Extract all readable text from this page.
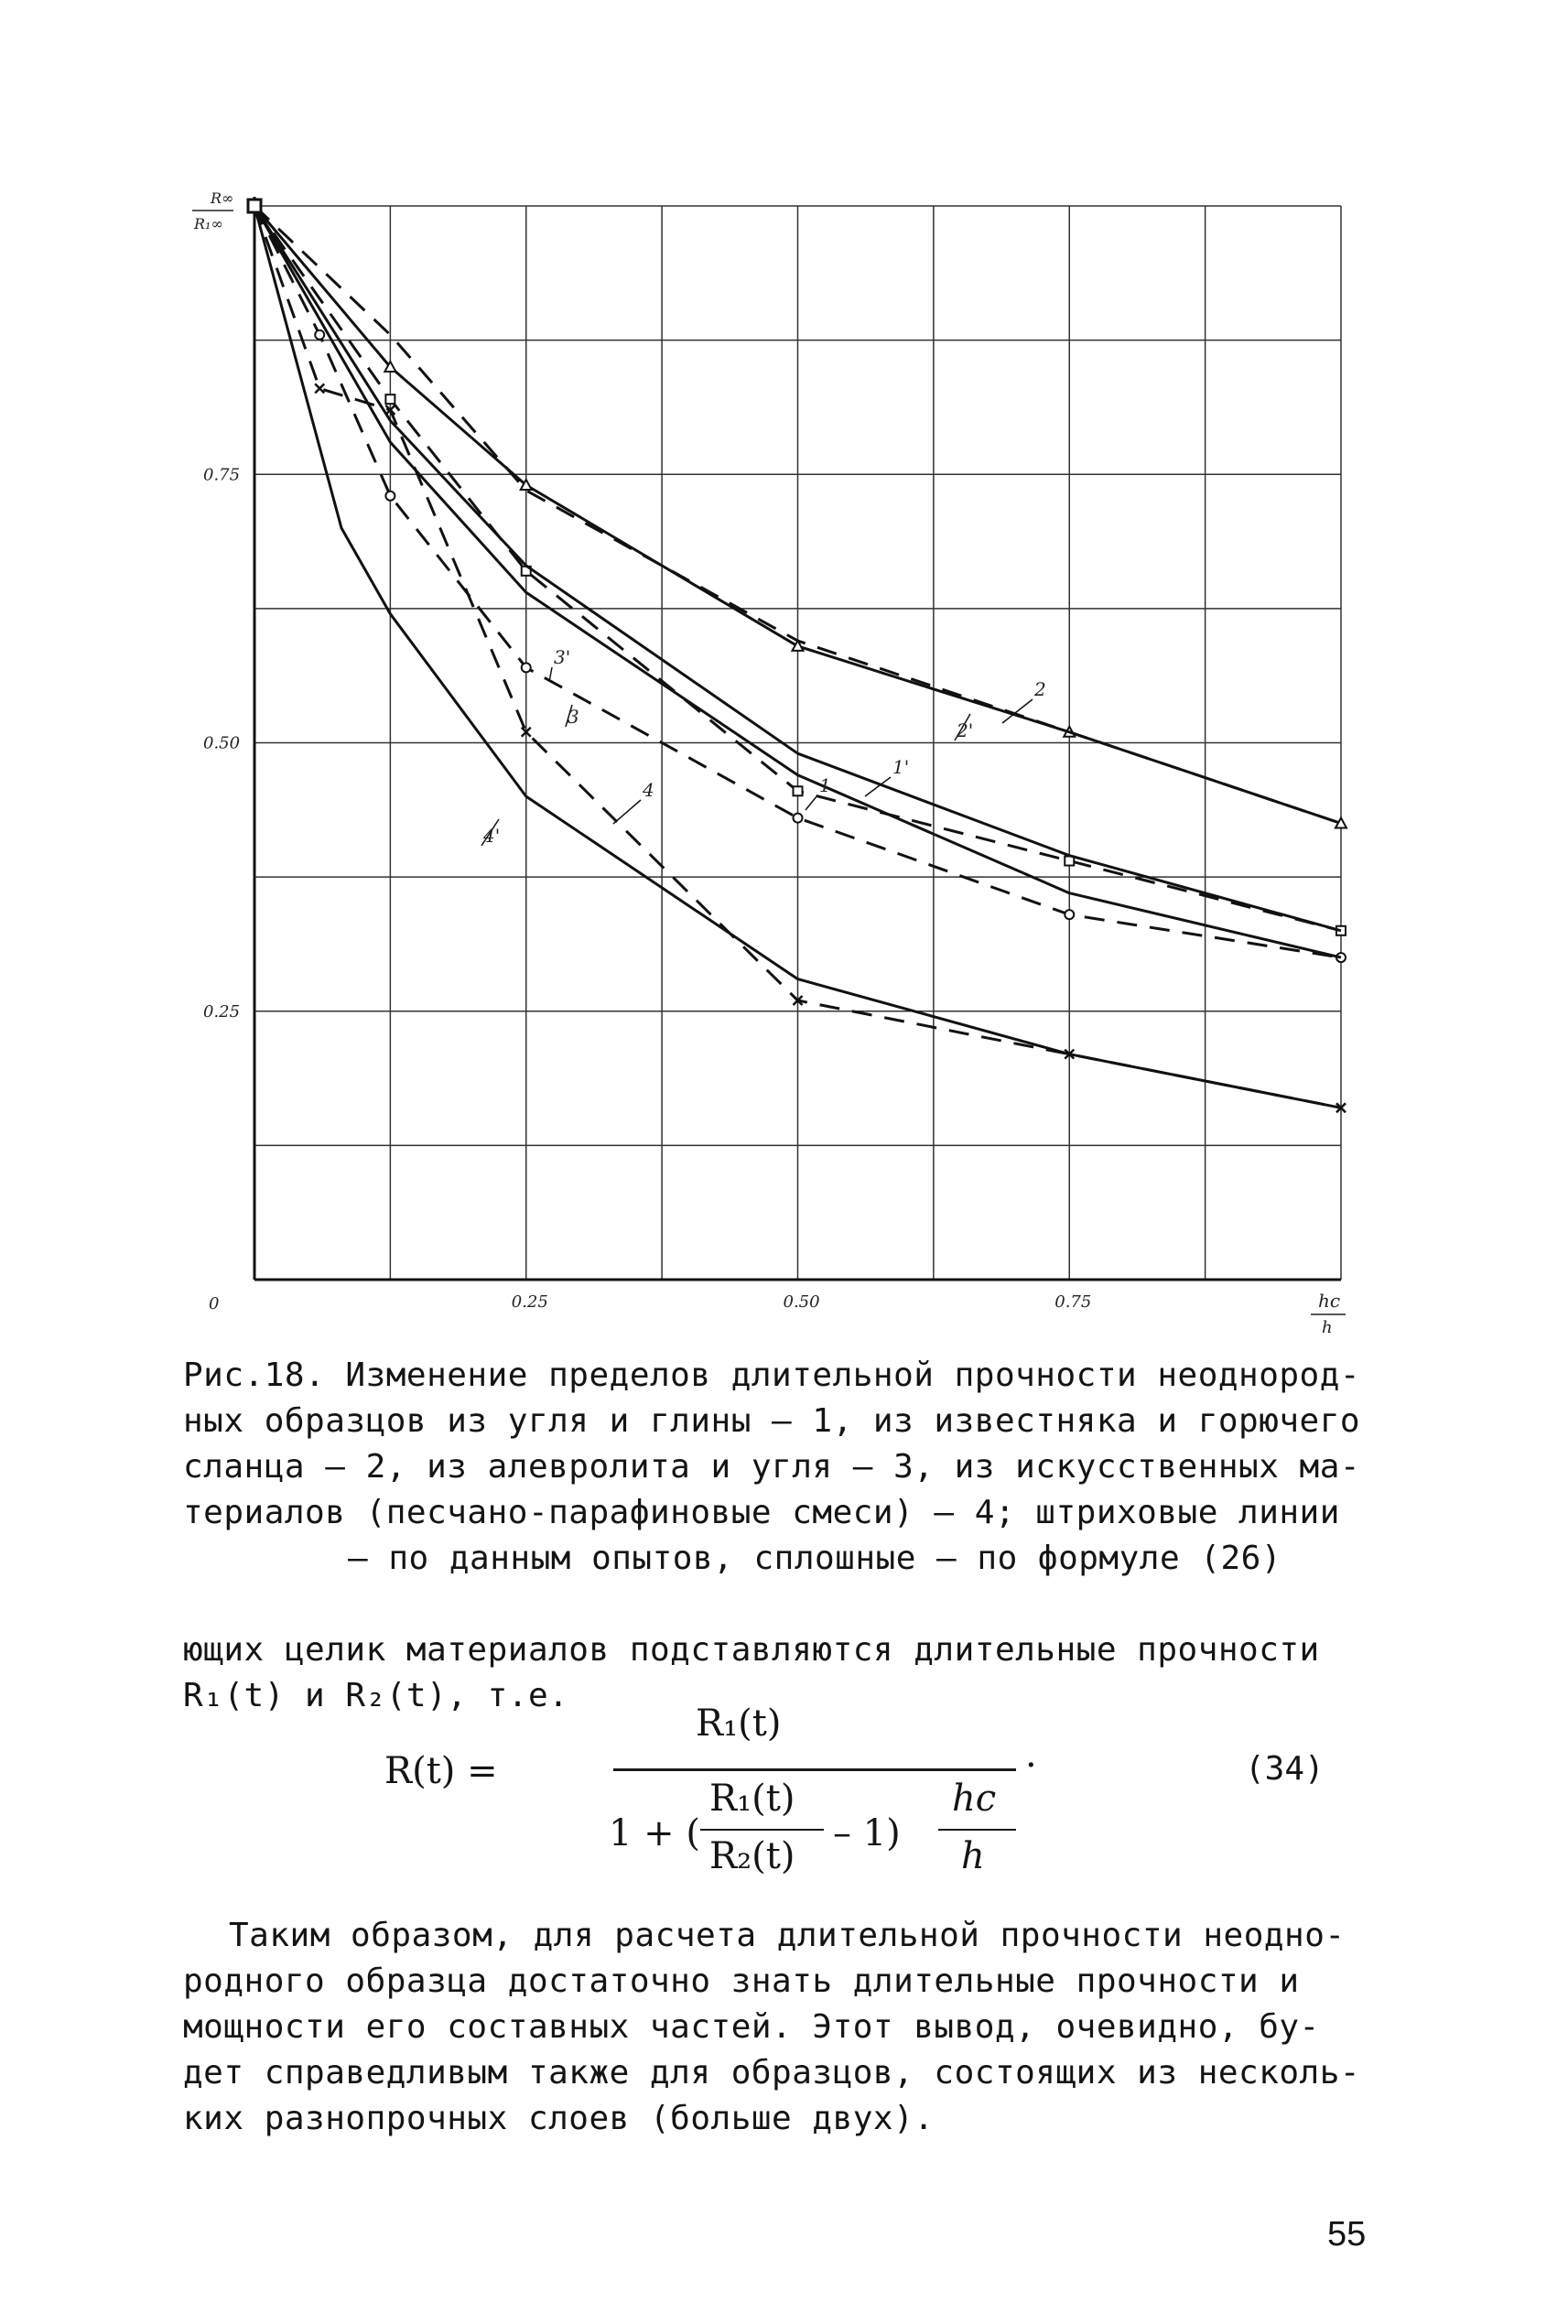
R∞
R₁∞
hc
h
0	0.25	0.50	0.75
0.25
0.50
0.75
1
1'
2
2'
3
3'
4
4'
Рис.18. Изменение пределов длительной прочности неоднород-
ных образцов из угля и глины – 1, из известняка и горючего
сланца – 2, из алевролита и угля – 3, из искусственных ма-
териалов (песчано-парафиновые смеси) – 4; штриховые линии
– по данным опытов, сплошные – по формуле (26)
ющих целик материалов подставляются длительные прочности
R₁(t) и R₂(t), т.е.
R(t) =
R₁(t)
·
1 + (
R₁(t)
R₂(t)
– 1)
hc
h
(34)
Таким образом, для расчета длительной прочности неодно-
родного образца достаточно знать длительные прочности и
мощности его составных частей. Этот вывод, очевидно, бу-
дет справедливым также для образцов, состоящих из несколь-
ких разнопрочных слоев (больше двух).
55
